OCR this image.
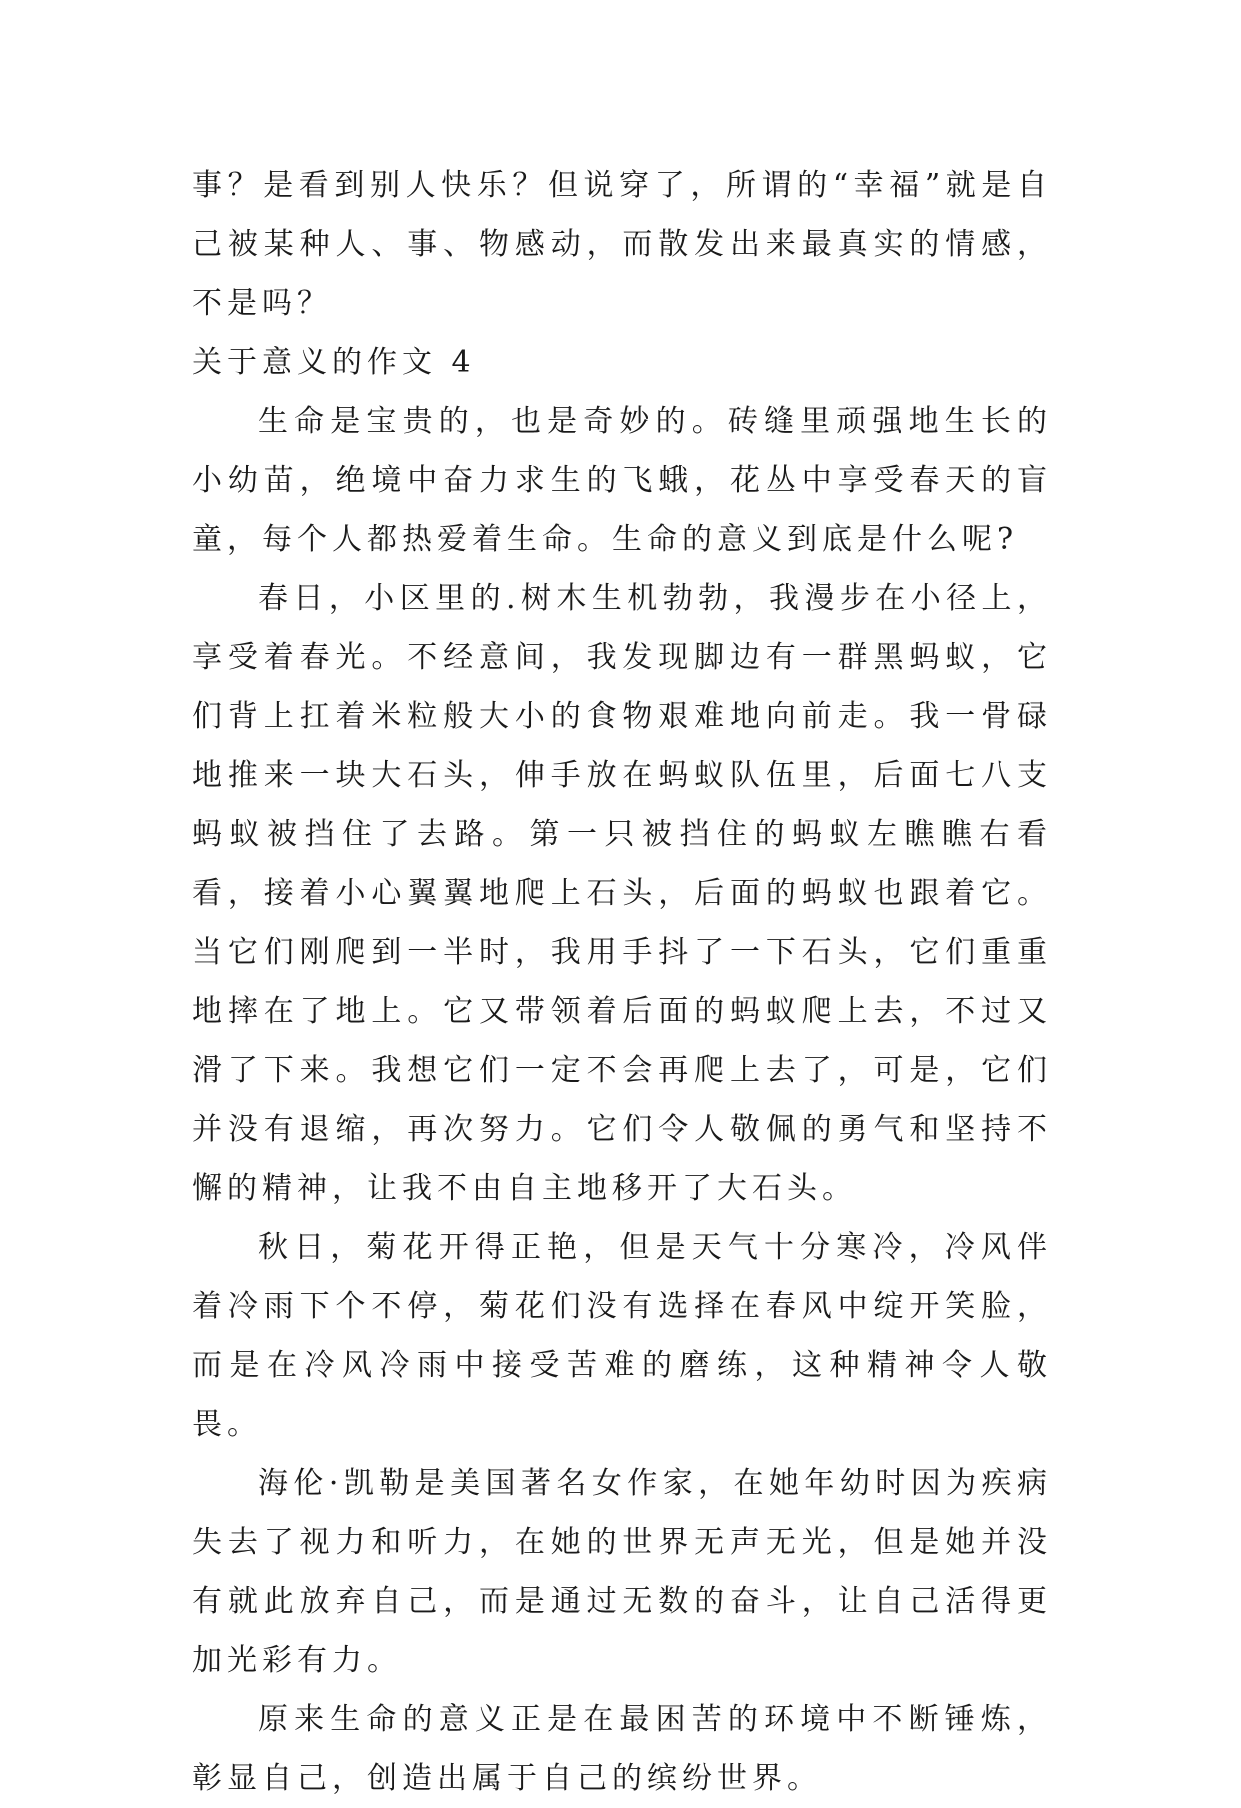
事？是看到别人快乐？但说穿了，所谓的“幸福”就是自己被某种人、事、物感动，而散发出来最真实的情感，不是吗？

关于意义的作文 4

生命是宝贵的，也是奇妙的。砖缝里顽强地生长的小幼苗，绝境中奋力求生的飞蛾，花丛中享受春天的盲童，每个人都热爱着生命。生命的意义到底是什么呢?

春日，小区里的.树木生机勃勃，我漫步在小径上，享受着春光。不经意间，我发现脚边有一群黑蚂蚁，它们背上扛着米粒般大小的食物艰难地向前走。我一骨碌地推来一块大石头，伸手放在蚂蚁队伍里，后面七八支蚂蚁被挡住了去路。第一只被挡住的蚂蚁左瞧瞧右看看，接着小心翼翼地爬上石头，后面的蚂蚁也跟着它。当它们刚爬到一半时，我用手抖了一下石头，它们重重地摔在了地上。它又带领着后面的蚂蚁爬上去，不过又滑了下来。我想它们一定不会再爬上去了，可是，它们并没有退缩，再次努力。它们令人敬佩的勇气和坚持不懈的精神，让我不由自主地移开了大石头。

秋日，菊花开得正艳，但是天气十分寒冷，冷风伴着冷雨下个不停，菊花们没有选择在春风中绽开笑脸，而是在冷风冷雨中接受苦难的磨练，这种精神令人敬畏。

海伦·凯勒是美国著名女作家，在她年幼时因为疾病失去了视力和听力，在她的世界无声无光，但是她并没有就此放弃自己，而是通过无数的奋斗，让自己活得更加光彩有力。

原来生命的意义正是在最困苦的环境中不断锤炼，彰显自己，创造出属于自己的缤纷世界。
